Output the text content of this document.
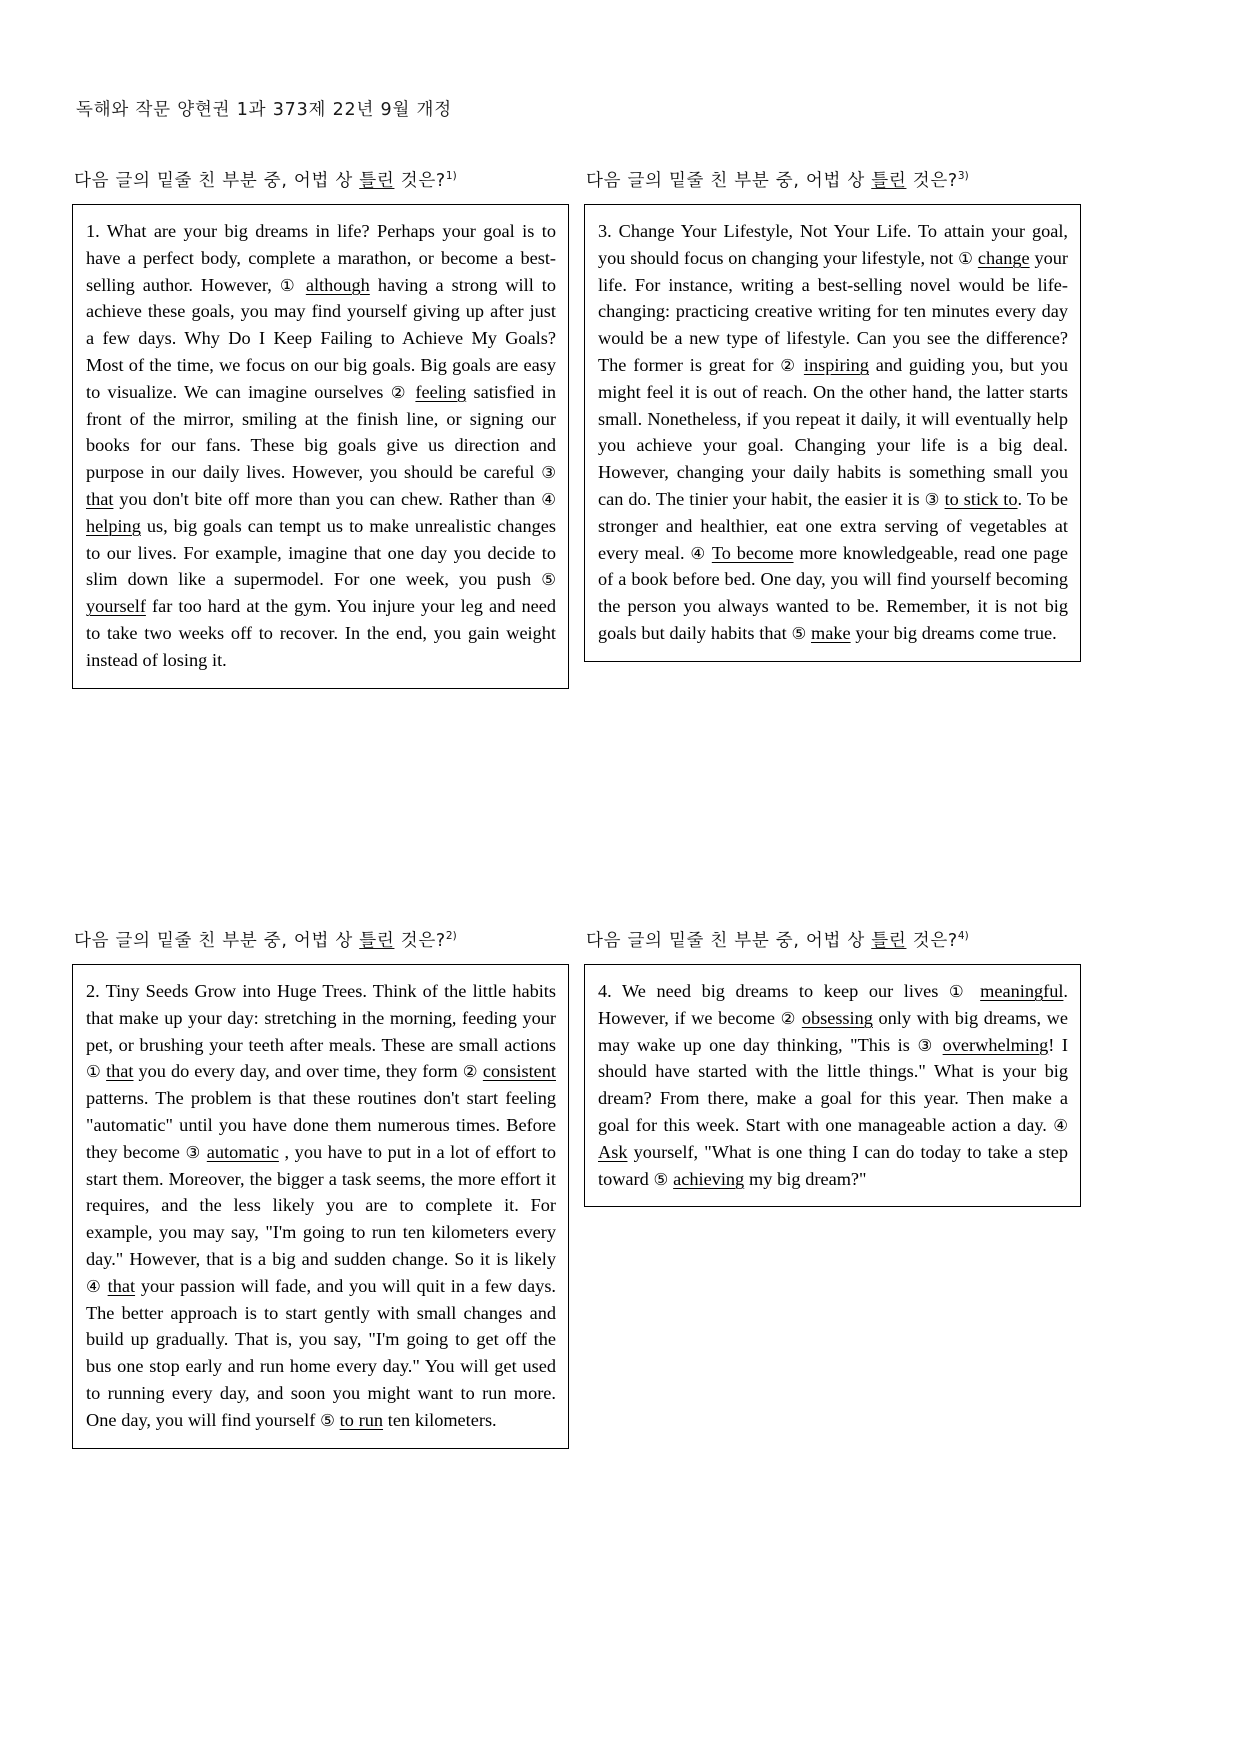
독해와 작문 양현권 1과 373제 22년 9월 개정
다음 글의 밑줄 친 부분 중, 어법 상 틀린 것은?$^{1)}$

1. What are your big dreams in life? Perhaps your goal is to have a perfect body, complete a marathon, or become a best-selling author. However, ① although having a strong will to achieve these goals, you may find yourself giving up after just a few days. Why Do I Keep Failing to Achieve My Goals? Most of the time, we focus on our big goals. Big goals are easy to visualize. We can imagine ourselves ② feeling satisfied in front of the mirror, smiling at the finish line, or signing our books for our fans. These big goals give us direction and purpose in our daily lives. However, you should be careful ③ that you don't bite off more than you can chew. Rather than ④ helping us, big goals can tempt us to make unrealistic changes to our lives. For example, imagine that one day you decide to slim down like a supermodel. For one week, you push ⑤ yourself far too hard at the gym. You injure your leg and need to take two weeks off to recover. In the end, you gain weight instead of losing it.

다음 글의 밑줄 친 부분 중, 어법 상 틀린 것은?$^{3)}$

3. Change Your Lifestyle, Not Your Life. To attain your goal, you should focus on changing your lifestyle, not ① change your life. For instance, writing a best-selling novel would be life-changing: practicing creative writing for ten minutes every day would be a new type of lifestyle. Can you see the difference? The former is great for ② inspiring and guiding you, but you might feel it is out of reach. On the other hand, the latter starts small. Nonetheless, if you repeat it daily, it will eventually help you achieve your goal. Changing your life is a big deal. However, changing your daily habits is something small you can do. The tinier your habit, the easier it is ③ to stick to. To be stronger and healthier, eat one extra serving of vegetables at every meal. ④ To become more knowledgeable, read one page of a book before bed. One day, you will find yourself becoming the person you always wanted to be. Remember, it is not big goals but daily habits that ⑤ make your big dreams come true.

다음 글의 밑줄 친 부분 중, 어법 상 틀린 것은?$^{2)}$

2. Tiny Seeds Grow into Huge Trees. Think of the little habits that make up your day: stretching in the morning, feeding your pet, or brushing your teeth after meals. These are small actions ① that you do every day, and over time, they form ② consistent patterns. The problem is that these routines don't start feeling "automatic" until you have done them numerous times. Before they become ③ automatic , you have to put in a lot of effort to start them. Moreover, the bigger a task seems, the more effort it requires, and the less likely you are to complete it. For example, you may say, "I'm going to run ten kilometers every day." However, that is a big and sudden change. So it is likely ④ that your passion will fade, and you will quit in a few days. The better approach is to start gently with small changes and build up gradually. That is, you say, "I'm going to get off the bus one stop early and run home every day." You will get used to running every day, and soon you might want to run more. One day, you will find yourself ⑤ to run ten kilometers.

다음 글의 밑줄 친 부분 중, 어법 상 틀린 것은?$^{4)}$

4. We need big dreams to keep our lives ① meaningful. However, if we become ② obsessing only with big dreams, we may wake up one day thinking, "This is ③ overwhelming! I should have started with the little things." What is your big dream? From there, make a goal for this year. Then make a goal for this week. Start with one manageable action a day. ④ Ask yourself, "What is one thing I can do today to take a step toward ⑤ achieving my big dream?"
